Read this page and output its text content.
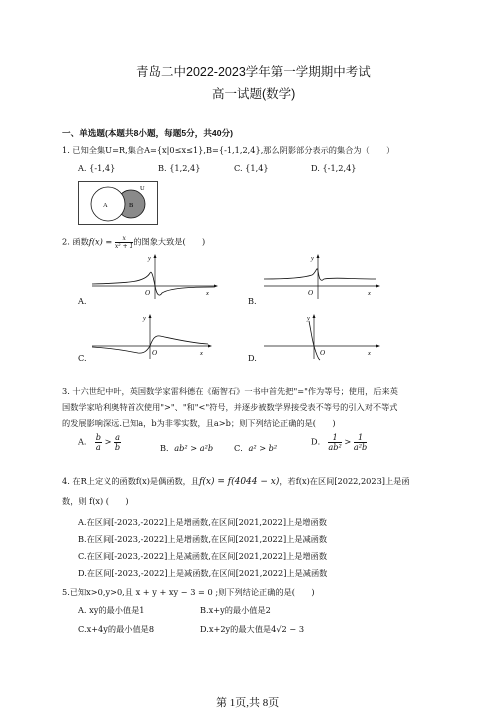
青岛二中2022-2023学年第一学期期中考试
高一试题(数学)
一、单选题(本题共8小题，每题5分，共40分)
1. 已知全集U=R,集合A={x|0≤x≤1},B={-1,1,2,4},那么阴影部分表示的集合为（　　）
A. {-1,4}	B. {1,2,4}	C. {1,4}	D. {-1,2,4}
U
A	B
2. 函数$f(x) = \frac{x}{\text{x² + 1}}$ 的图象大致是(　　)
y
O	x
A.
y
O	x
B.
y
O	x
C.
y
O	x
D.
3. 十六世纪中叶，英国数学家雷科德在《砺智石》一书中首先把"="作为等号；使用，后来英
国数学家哈利奥特首次使用">"、"和"<"符号，并逐步被数学界接受表不等号的引入对不等式
的发展影响深远.已知a，b为非零实数，且a>b；则下列结论正确的是(　　)
A． $\frac{b}{a} > \frac{a}{b}$	B．ab² > a²b	C．a² > b²
D． $\frac{1}{\text{ab²}} > \frac{1}{\text{a²b}}$
4. 在R上定义的函数f(x)是偶函数，且f(x) = f(4044 − x)，若f(x)在区间[2022,2023]上是函
数，则 f(x) (　　)
A.在区间[-2023,-2022]上是增函数,在区间[2021,2022]上是增函数
B.在区间[-2023,-2022]上是增函数,在区间[2021,2022]上是减函数
C.在区间[-2023,-2022]上是减函数,在区间[2021,2022]上是增函数
D.在区间[-2023,-2022]上是减函数,在区间[2021,2022]上是减函数
5.已知x>0,y>0,且 x + y + xy − 3 = 0 ;则下列结论正确的是(　　)
A. xy的最小值是1	B.x+y的最小值是2
C.x+4y的最小值是8	D.x+2y的最大值是4√2 − 3
第 1页,共 8页
